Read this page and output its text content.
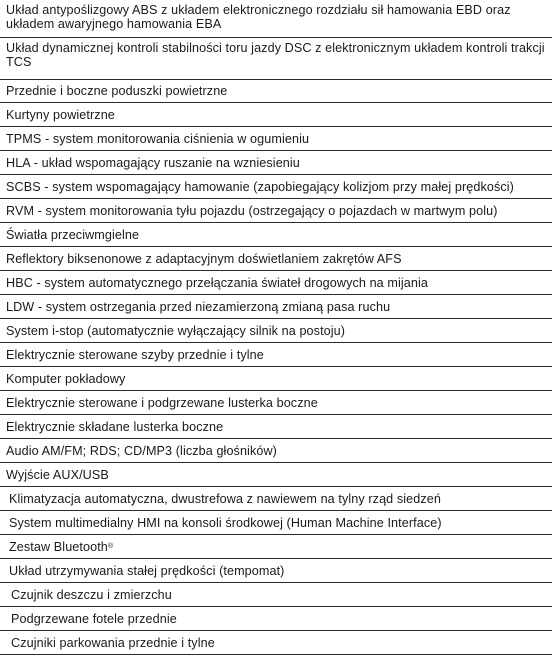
Układ antypoślizgowy ABS z układem elektronicznego rozdziału sił hamowania EBD oraz układem awaryjnego hamowania EBA
Układ dynamicznej kontroli stabilności toru jazdy DSC z elektronicznym układem kontroli trakcji TCS
Przednie i boczne poduszki powietrzne
Kurtyny powietrzne
TPMS - system monitorowania ciśnienia w ogumieniu
HLA - układ wspomagający ruszanie na wzniesieniu
SCBS - system wspomagający hamowanie (zapobiegający kolizjom przy małej prędkości)
RVM - system monitorowania tyłu pojazdu (ostrzegający o pojazdach w martwym polu)
Światła przeciwmgielne
Reflektory biksenonowe z adaptacyjnym doświetlaniem zakrętów AFS
HBC - system automatycznego przełączania świateł drogowych na mijania
LDW - system ostrzegania przed niezamierzoną zmianą pasa ruchu
System i-stop (automatycznie wyłączający silnik na postoju)
Elektrycznie sterowane szyby przednie i tylne
Komputer pokładowy
Elektrycznie sterowane i podgrzewane lusterka boczne
Elektrycznie składane lusterka boczne
Audio AM/FM; RDS; CD/MP3 (liczba głośników)
Wyjście AUX/USB
Klimatyzacja automatyczna, dwustrefowa z nawiewem na tylny rząd siedzeń
System multimedialny HMI na konsoli środkowej (Human Machine Interface)
Zestaw Bluetooth ®
Układ utrzymywania stałej prędkości (tempomat)
Czujnik deszczu i zmierzchu
Podgrzewane fotele przednie
Czujniki parkowania przednie i tylne
